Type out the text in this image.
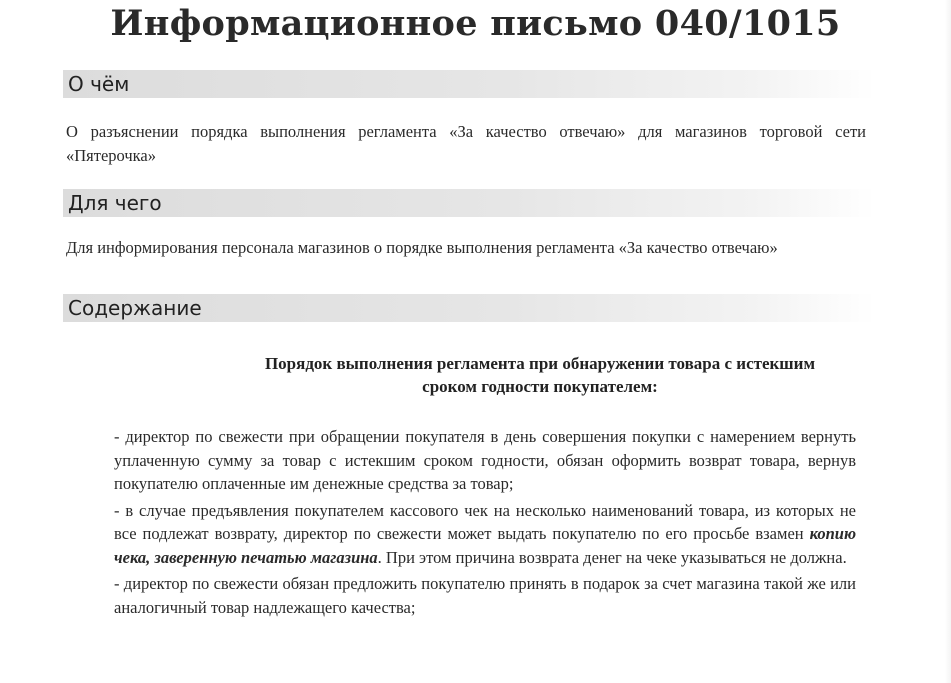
Информационное письмо 040/1015
О чём

О разъяснении порядка выполнения регламента «За качество отвечаю» для магазинов торговой сети «Пятерочка»

Для чего

Для информирования персонала магазинов о порядке выполнения регламента «За качество отвечаю»

Содержание
Порядок выполнения регламента при обнаружении товара с истекшим
сроком годности покупателем:
- директор по свежести при обращении покупателя в день совершения покупки с намерением вернуть уплаченную сумму за товар с истекшим сроком годности, обязан оформить возврат товара, вернув покупателю оплаченные им денежные средства за товар;
- в случае предъявления покупателем кассового чек на несколько наименований товара, из которых не все подлежат возврату, директор по свежести может выдать покупателю по его просьбе взамен копию чека, заверенную печатью магазина. При этом причина возврата денег на чеке указываться не должна.
- директор по свежести обязан предложить покупателю принять в подарок за счет магазина такой же или аналогичный товар надлежащего качества;
